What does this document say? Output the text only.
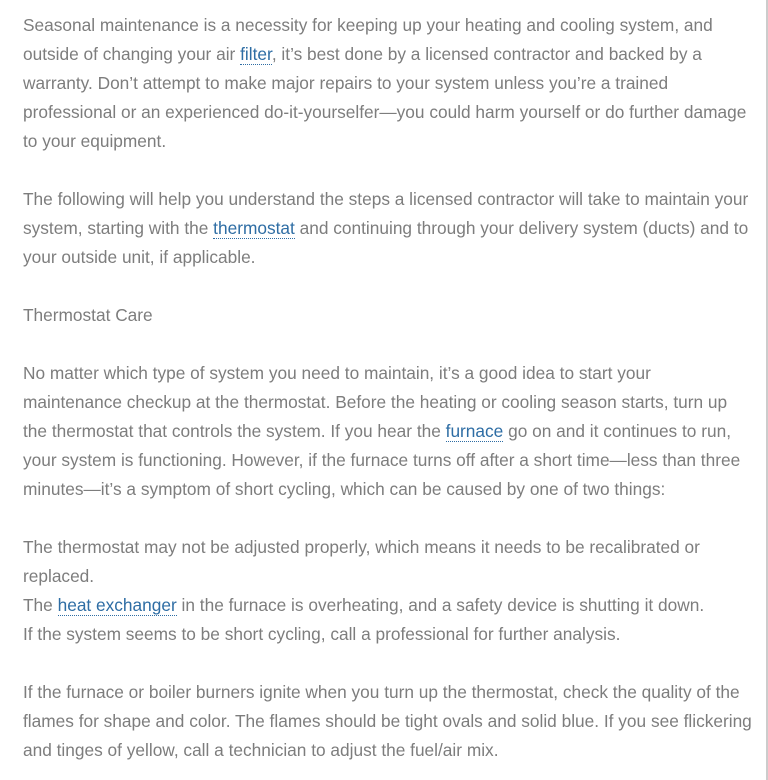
Seasonal maintenance is a necessity for keeping up your heating and cooling system, and outside of changing your air filter, it’s best done by a licensed contractor and backed by a warranty. Don’t attempt to make major repairs to your system unless you’re a trained professional or an experienced do-it-yourselfer—you could harm yourself or do further damage to your equipment.

The following will help you understand the steps a licensed contractor will take to maintain your system, starting with the thermostat and continuing through your delivery system (ducts) and to your outside unit, if applicable.

Thermostat Care

No matter which type of system you need to maintain, it’s a good idea to start your maintenance checkup at the thermostat. Before the heating or cooling season starts, turn up the thermostat that controls the system. If you hear the furnace go on and it continues to run, your system is functioning. However, if the furnace turns off after a short time—less than three minutes—it’s a symptom of short cycling, which can be caused by one of two things:

The thermostat may not be adjusted properly, which means it needs to be recalibrated or replaced.

The heat exchanger in the furnace is overheating, and a safety device is shutting it down.

If the system seems to be short cycling, call a professional for further analysis.

If the furnace or boiler burners ignite when you turn up the thermostat, check the quality of the flames for shape and color. The flames should be tight ovals and solid blue. If you see flickering and tinges of yellow, call a technician to adjust the fuel/air mix.
